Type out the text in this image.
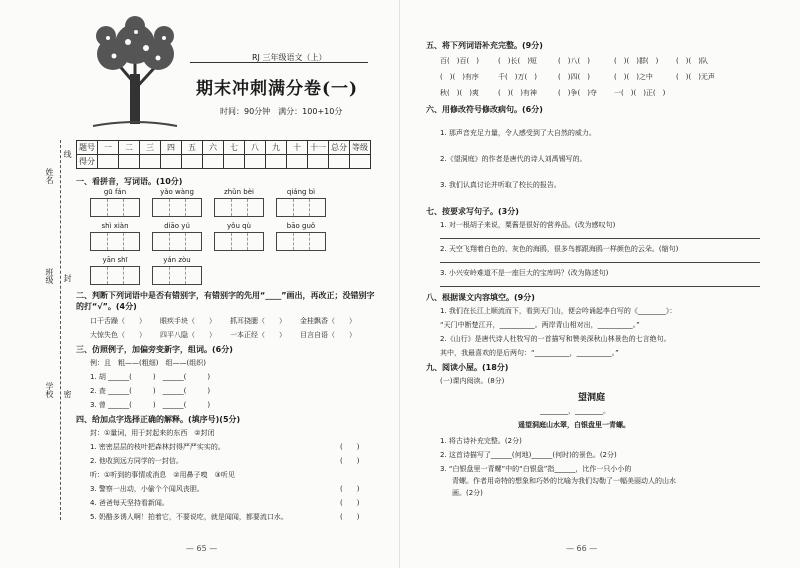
RJ 三年级语文（上）
期末冲刺满分卷(一)
时间：90分钟　满分：100+10分
姓名
线
班级 封
学校 密
题号	一	二	三	四	五	六	七	八	九	十	十一	总分	等级
得分													
一、看拼音，写词语。(10分)
gū fán	yǎo wàng	zhǔn bèi	qiáng bì
shì xiàn	diāo yú	yǒu qù	bāo guǒ
yān shī	yán zòu
二、判断下列词语中是否有错别字，有错别字的先用“____”画出，再改正；没错别字的打“√”。(4分)
口干舌躁（　　） 眼疾手块（　　） 抓耳挠腮（　　） 金桂飘香（　　）
大惊失色（　　） 四平八隐（　　） 一本正经（　　） 目言自语（　　）
三、仿照例子，加偏旁变新字，组词。(6分)
例：且　粗——(粗细)　组——(组织)
1. 胡 ______(　　　)　______(　　　)
2. 查 ______(　　　)　______(　　　)
3. 曾 ______(　　　)　______(　　　)
四、给加点字选择正确的解释。(填序号)(5分)
封：①量词，用于封起来的东西　②封闭
1. 密密层层的枝叶把森林封得严严实实的。	(　　)
2. 他收到远方同学的一封信。	(　　)
听：①听到的事情或消息　②用鼻子嗅　③听见
3. 警察一出动，小偷个个闻风丧胆。	(　　)
4. 爸爸每天坚持看新闻。	(　　)
5. 奶酪多诱人啊！拍着它，不要说吃，就是闻闻，都要流口水。	(　　)
— 65 —
五、将下列词语补充完整。(9分)
百(　)百(　)	(　)长(　)短	(　)八(　)	(　)(　)群(　)	(　)(　)队
(　)(　)有序	千(　)万(　)	(　)四(　)	(　)(　)之中	(　)(　)无声
秋(　)(　)爽	(　)(　)有神	(　)争(　)夺 一(　)(　)正(　)
六、用修改符号修改病句。(6分)
1. 那声音充足力量，令人感受到了大自然的威力。
2.《望洞庭》的作者是唐代的诗人刘禹锡写的。
3. 我们认真讨论并听取了校长的报告。
七、按要求写句子。(3分)
1. 对一根胡子来说，粟酱是很好的营养品。(改为感叹句)
2. 天空飞翔着白色的、灰色的海鸥，很多鸟都跟海鸥一样颜色的云朵。(缩句)
3. 小兴安岭难道不是一座巨大的宝库吗？(改为陈述句)
八、根据课文内容填空。(9分)
1. 我们在长江上顺流而下，看到天门山，便会吟诵起李白写的《________》：
“天门中断楚江开，__________。两岸青山相对出，__________。”
2.《山行》是唐代诗人杜牧写的一首描写和赞美深秋山林景色的七言绝句。
其中，我最喜欢的是后两句：“__________，__________。”
九、阅读小屋。(18分)
(一)课内阅读。(8分)
望洞庭
________，________。
遥望洞庭山水翠，白银盘里一青螺。
1. 将古诗补充完整。(2分)
2. 这首诗描写了______(何地)______(何时)的景色。(2分)
3. “白银盘里一青螺”中的“白银盘”指______，比作一只小小的
青螺。作者用奇特的想象和巧妙的比喻为我们勾勒了一幅美丽动人的山水
画。(2分)
— 66 —
